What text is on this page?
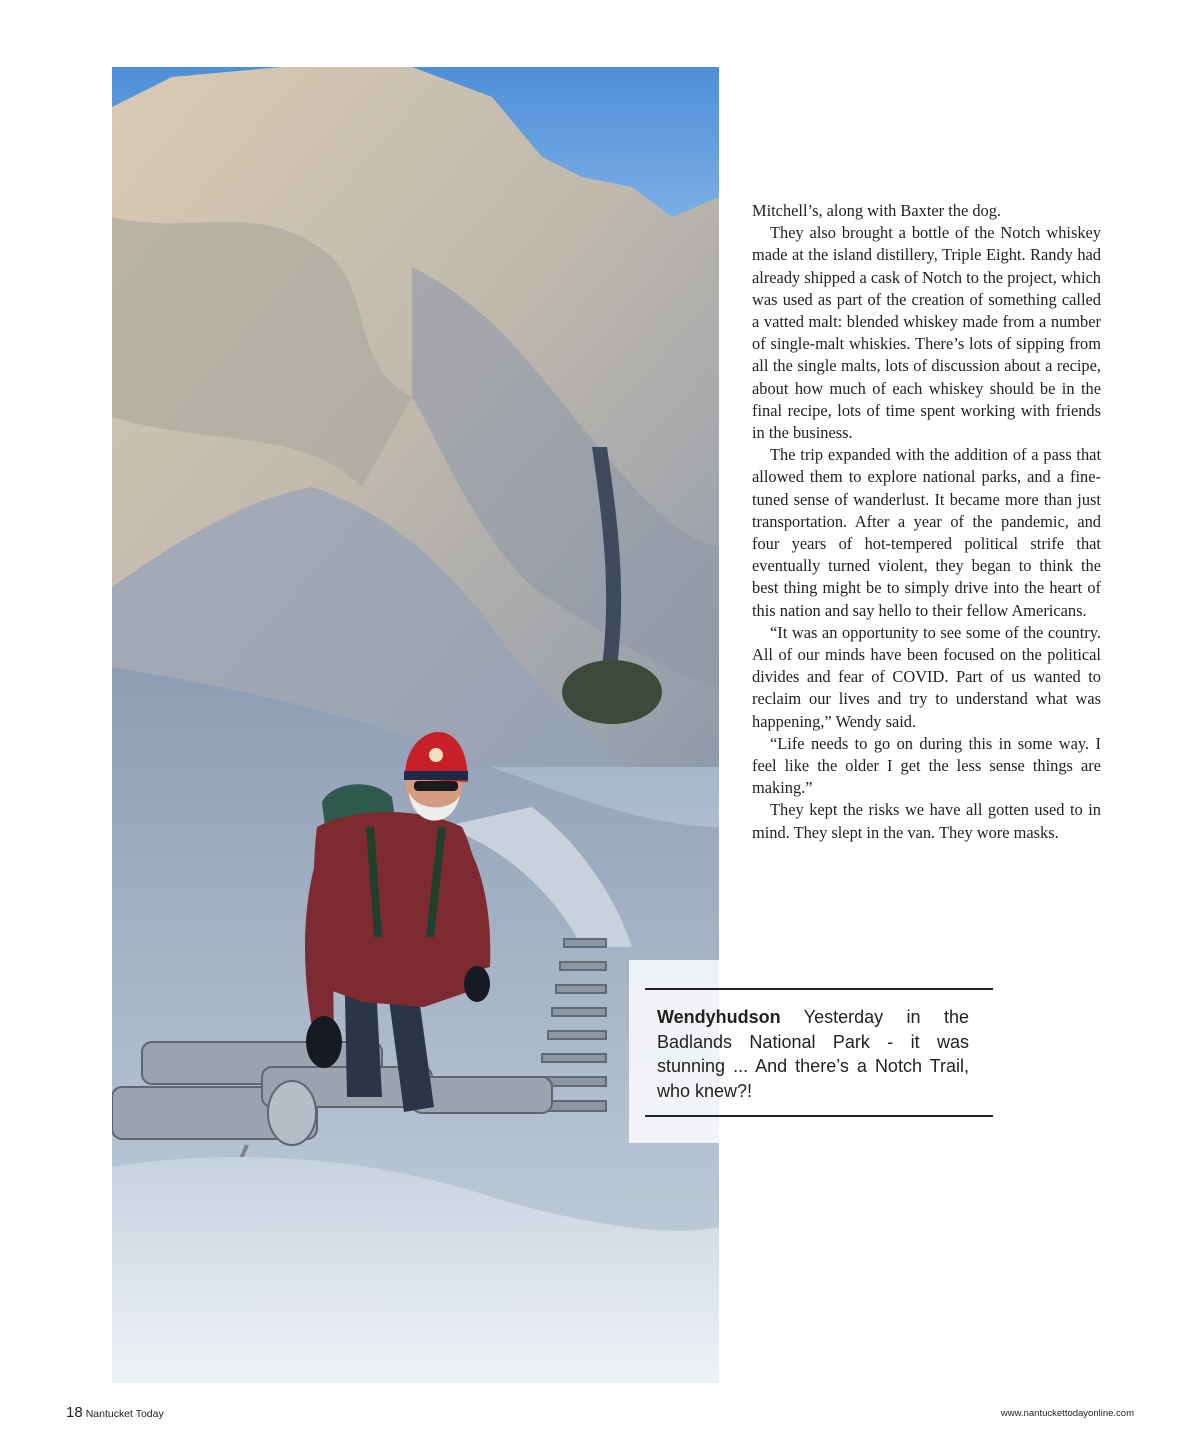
Mitchell’s, along with Baxter the dog.

They also brought a bottle of the Notch whiskey made at the island distillery, Triple Eight. Randy had already shipped a cask of Notch to the project, which was used as part of the creation of something called a vatted malt: blended whiskey made from a number of single-malt whiskies. There’s lots of sipping from all the single malts, lots of discussion about a recipe, about how much of each whiskey should be in the final recipe, lots of time spent working with friends in the business.

The trip expanded with the addition of a pass that allowed them to explore national parks, and a fine-tuned sense of wanderlust. It became more than just transportation. After a year of the pandemic, and four years of hot-tempered political strife that eventually turned violent, they began to think the best thing might be to simply drive into the heart of this nation and say hello to their fellow Americans.

“It was an opportunity to see some of the country. All of our minds have been focused on the political divides and fear of COVID. Part of us wanted to reclaim our lives and try to understand what was happening,” Wendy said.

“Life needs to go on during this in some way. I feel like the older I get the less sense things are making.”

They kept the risks we have all gotten used to in mind. They slept in the van. They wore masks.

Wendyhudson Yesterday in the Badlands National Park - it was stunning ... And there’s a Notch Trail, who knew?!

18 Nantucket Today	www.nantuckettodayonline.com
